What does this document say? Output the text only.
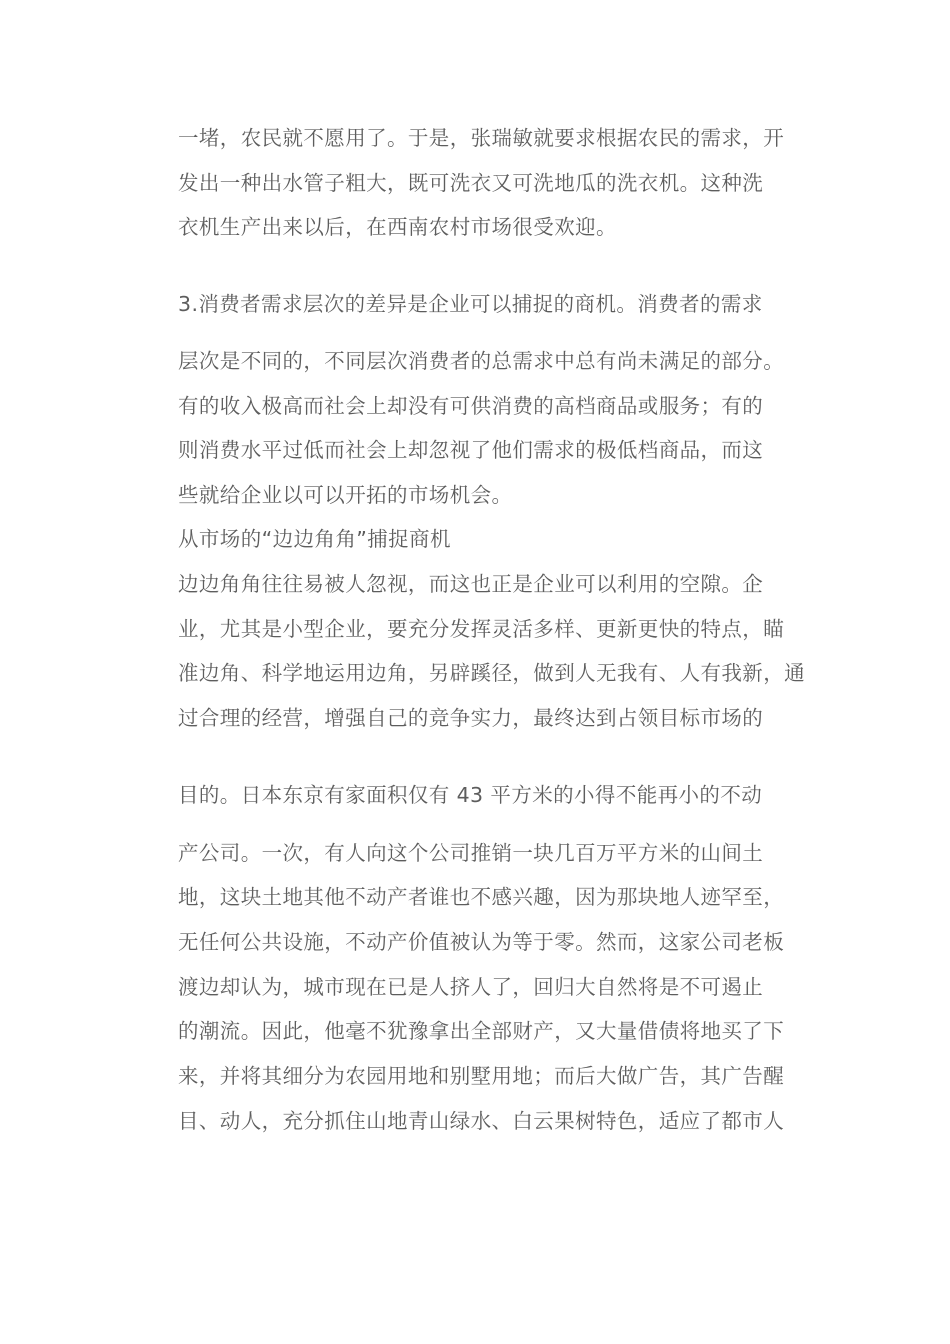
一堵，农民就不愿用了。于是，张瑞敏就要求根据农民的需求，开

发出一种出水管子粗大，既可洗衣又可洗地瓜的洗衣机。这种洗

衣机生产出来以后，在西南农村市场很受欢迎。

3.消费者需求层次的差异是企业可以捕捉的商机。消费者的需求

层次是不同的，不同层次消费者的总需求中总有尚未满足的部分。

有的收入极高而社会上却没有可供消费的高档商品或服务；有的

则消费水平过低而社会上却忽视了他们需求的极低档商品，而这

些就给企业以可以开拓的市场机会。

从市场的“边边角角”捕捉商机

边边角角往往易被人忽视，而这也正是企业可以利用的空隙。企

业，尤其是小型企业，要充分发挥灵活多样、更新更快的特点，瞄

准边角、科学地运用边角，另辟蹊径，做到人无我有、人有我新，通

过合理的经营，增强自己的竞争实力，最终达到占领目标市场的

目的。日本东京有家面积仅有 43 平方米的小得不能再小的不动

产公司。一次，有人向这个公司推销一块几百万平方米的山间土

地，这块土地其他不动产者谁也不感兴趣，因为那块地人迹罕至，

无任何公共设施，不动产价值被认为等于零。然而，这家公司老板

渡边却认为，城市现在已是人挤人了，回归大自然将是不可遏止

的潮流。因此，他毫不犹豫拿出全部财产，又大量借债将地买了下

来，并将其细分为农园用地和别墅用地；而后大做广告，其广告醒

目、动人，充分抓住山地青山绿水、白云果树特色，适应了都市人
